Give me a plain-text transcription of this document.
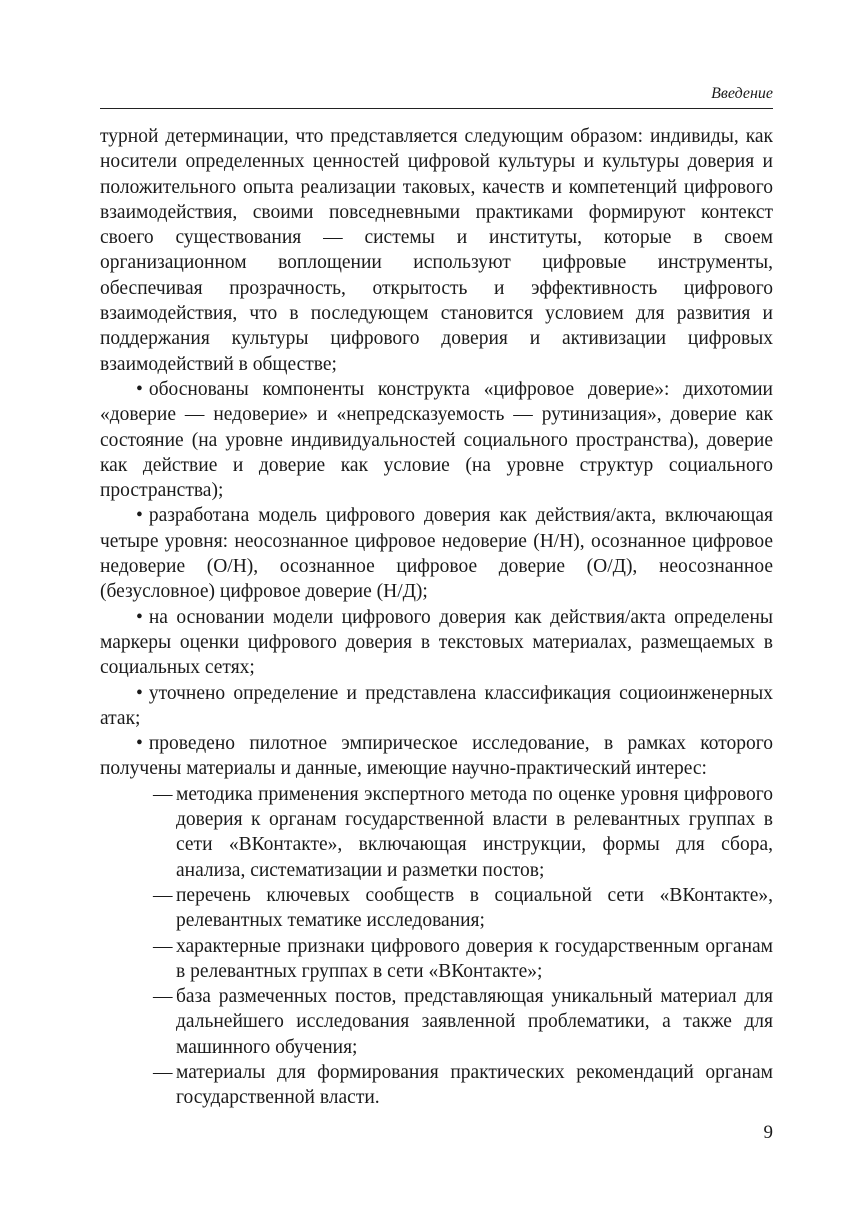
Введение

турной детерминации, что представляется следующим образом: индивиды, как носители определенных ценностей цифровой культуры и культуры доверия и положительного опыта реализации таковых, качеств и компетенций цифрового взаимодействия, своими повседневными практиками формируют контекст своего существования — системы и институты, которые в своем организационном воплощении используют цифровые инструменты, обеспечивая прозрачность, открытость и эффективность цифрового взаимодействия, что в последующем становится условием для развития и поддержания культуры цифрового доверия и активизации цифровых взаимодействий в обществе;

• обоснованы компоненты конструкта «цифровое доверие»: дихотомии «доверие — недоверие» и «непредсказуемость — рутинизация», доверие как состояние (на уровне индивидуальностей социального пространства), доверие как действие и доверие как условие (на уровне структур социального пространства);

• разработана модель цифрового доверия как действия/акта, включающая четыре уровня: неосознанное цифровое недоверие (Н/Н), осознанное цифровое недоверие (О/Н), осознанное цифровое доверие (О/Д), неосознанное (безусловное) цифровое доверие (Н/Д);

• на основании модели цифрового доверия как действия/акта определены маркеры оценки цифрового доверия в текстовых материалах, размещаемых в социальных сетях;

• уточнено определение и представлена классификация социоинженерных атак;

• проведено пилотное эмпирическое исследование, в рамках которого получены материалы и данные, имеющие научно-практический интерес:

— методика применения экспертного метода по оценке уровня цифрового доверия к органам государственной власти в релевантных группах в сети «ВКонтакте», включающая инструкции, формы для сбора, анализа, систематизации и разметки постов;
— перечень ключевых сообществ в социальной сети «ВКонтакте», релевантных тематике исследования;
— характерные признаки цифрового доверия к государственным органам в релевантных группах в сети «ВКонтакте»;
— база размеченных постов, представляющая уникальный материал для дальнейшего исследования заявленной проблематики, а также для машинного обучения;
— материалы для формирования практических рекомендаций органам государственной власти.
9
